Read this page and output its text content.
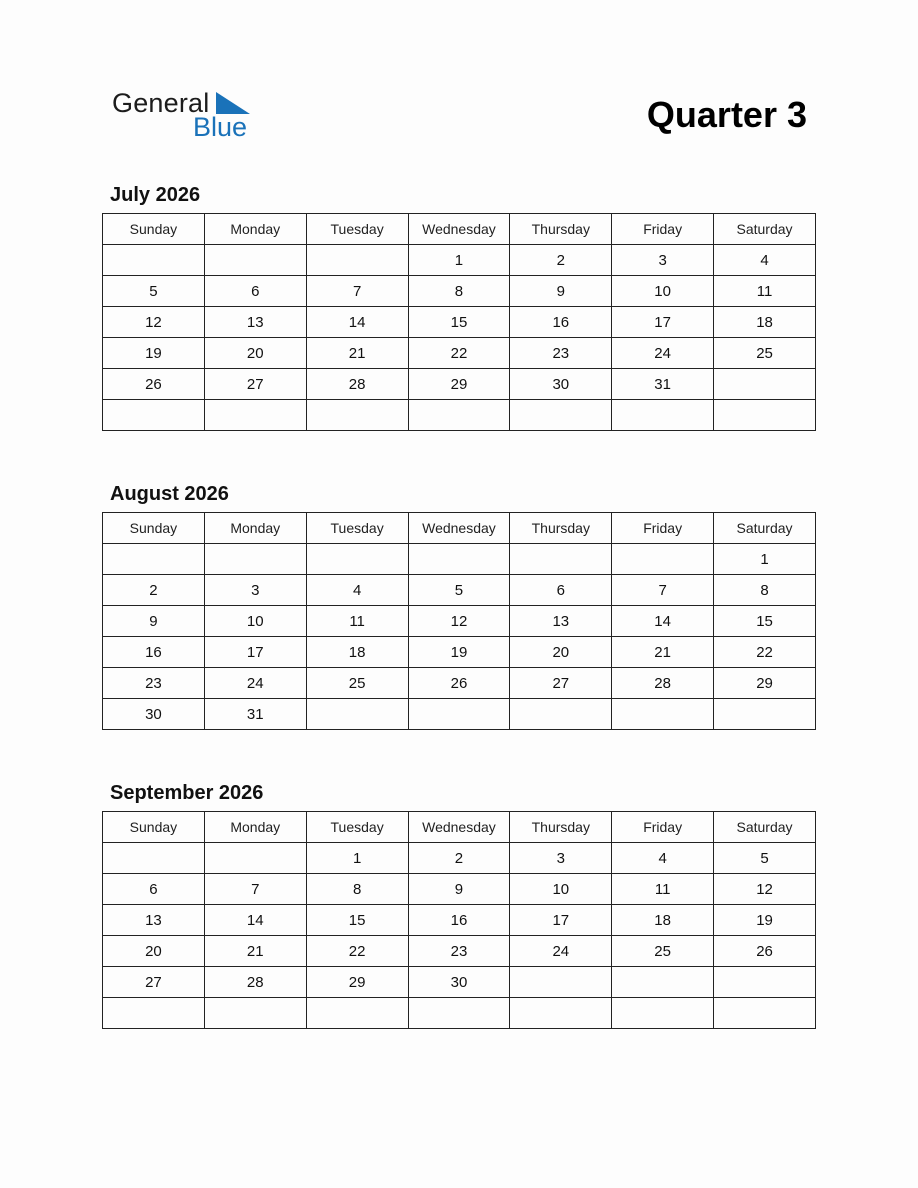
General
Blue	Quarter 3
July 2026
Sunday	Monday	Tuesday	Wednesday	Thursday	Friday	Saturday
			1	2	3	4
5	6	7	8	9	10	11
12	13	14	15	16	17	18
19	20	21	22	23	24	25
26	27	28	29	30	31	

August 2026
Sunday	Monday	Tuesday	Wednesday	Thursday	Friday	Saturday
						1
2	3	4	5	6	7	8
9	10	11	12	13	14	15
16	17	18	19	20	21	22
23	24	25	26	27	28	29
30	31					
September 2026
Sunday	Monday	Tuesday	Wednesday	Thursday	Friday	Saturday
		1	2	3	4	5
6	7	8	9	10	11	12
13	14	15	16	17	18	19
20	21	22	23	24	25	26
27	28	29	30			
